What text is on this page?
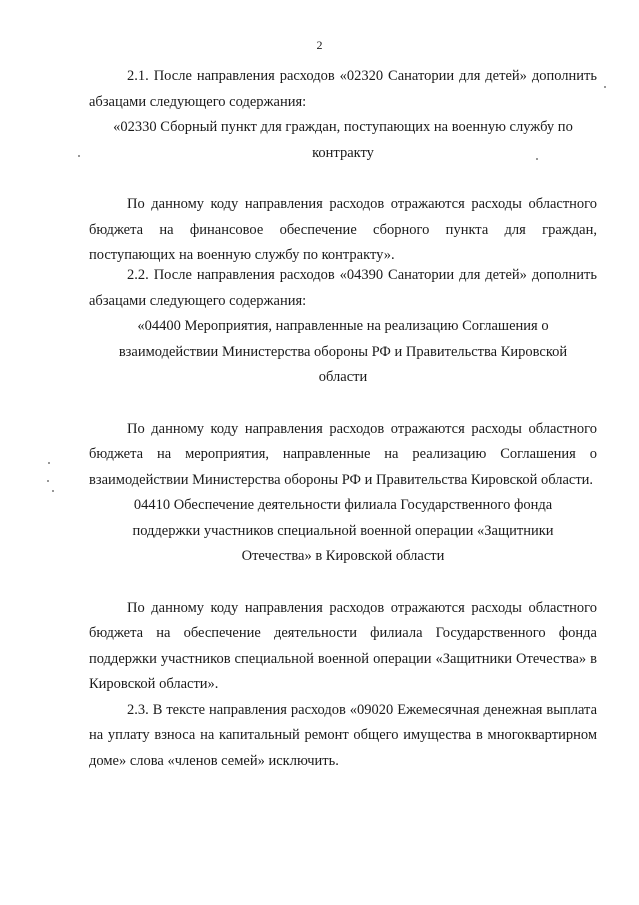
2

2.1. После направления расходов «02320 Санатории для детей» дополнить абзацами следующего содержания:

«02330 Сборный пункт для граждан, поступающих на военную службу по контракту

По данному коду направления расходов отражаются расходы областного бюджета на финансовое обеспечение сборного пункта для граждан, поступающих на военную службу по контракту».

2.2. После направления расходов «04390 Санатории для детей» дополнить абзацами следующего содержания:

«04400 Мероприятия, направленные на реализацию Соглашения о взаимодействии Министерства обороны РФ и Правительства Кировской области

По данному коду направления расходов отражаются расходы областного бюджета на мероприятия, направленные на реализацию Соглашения о взаимодействии Министерства обороны РФ и Правительства Кировской области.

04410 Обеспечение деятельности филиала Государственного фонда поддержки участников специальной военной операции «Защитники Отечества» в Кировской области

По данному коду направления расходов отражаются расходы областного бюджета на обеспечение деятельности филиала Государственного фонда поддержки участников специальной военной операции «Защитники Отечества» в Кировской области».

2.3. В тексте направления расходов «09020 Ежемесячная денежная выплата на уплату взноса на капитальный ремонт общего имущества в многоквартирном доме» слова «членов семей» исключить.
